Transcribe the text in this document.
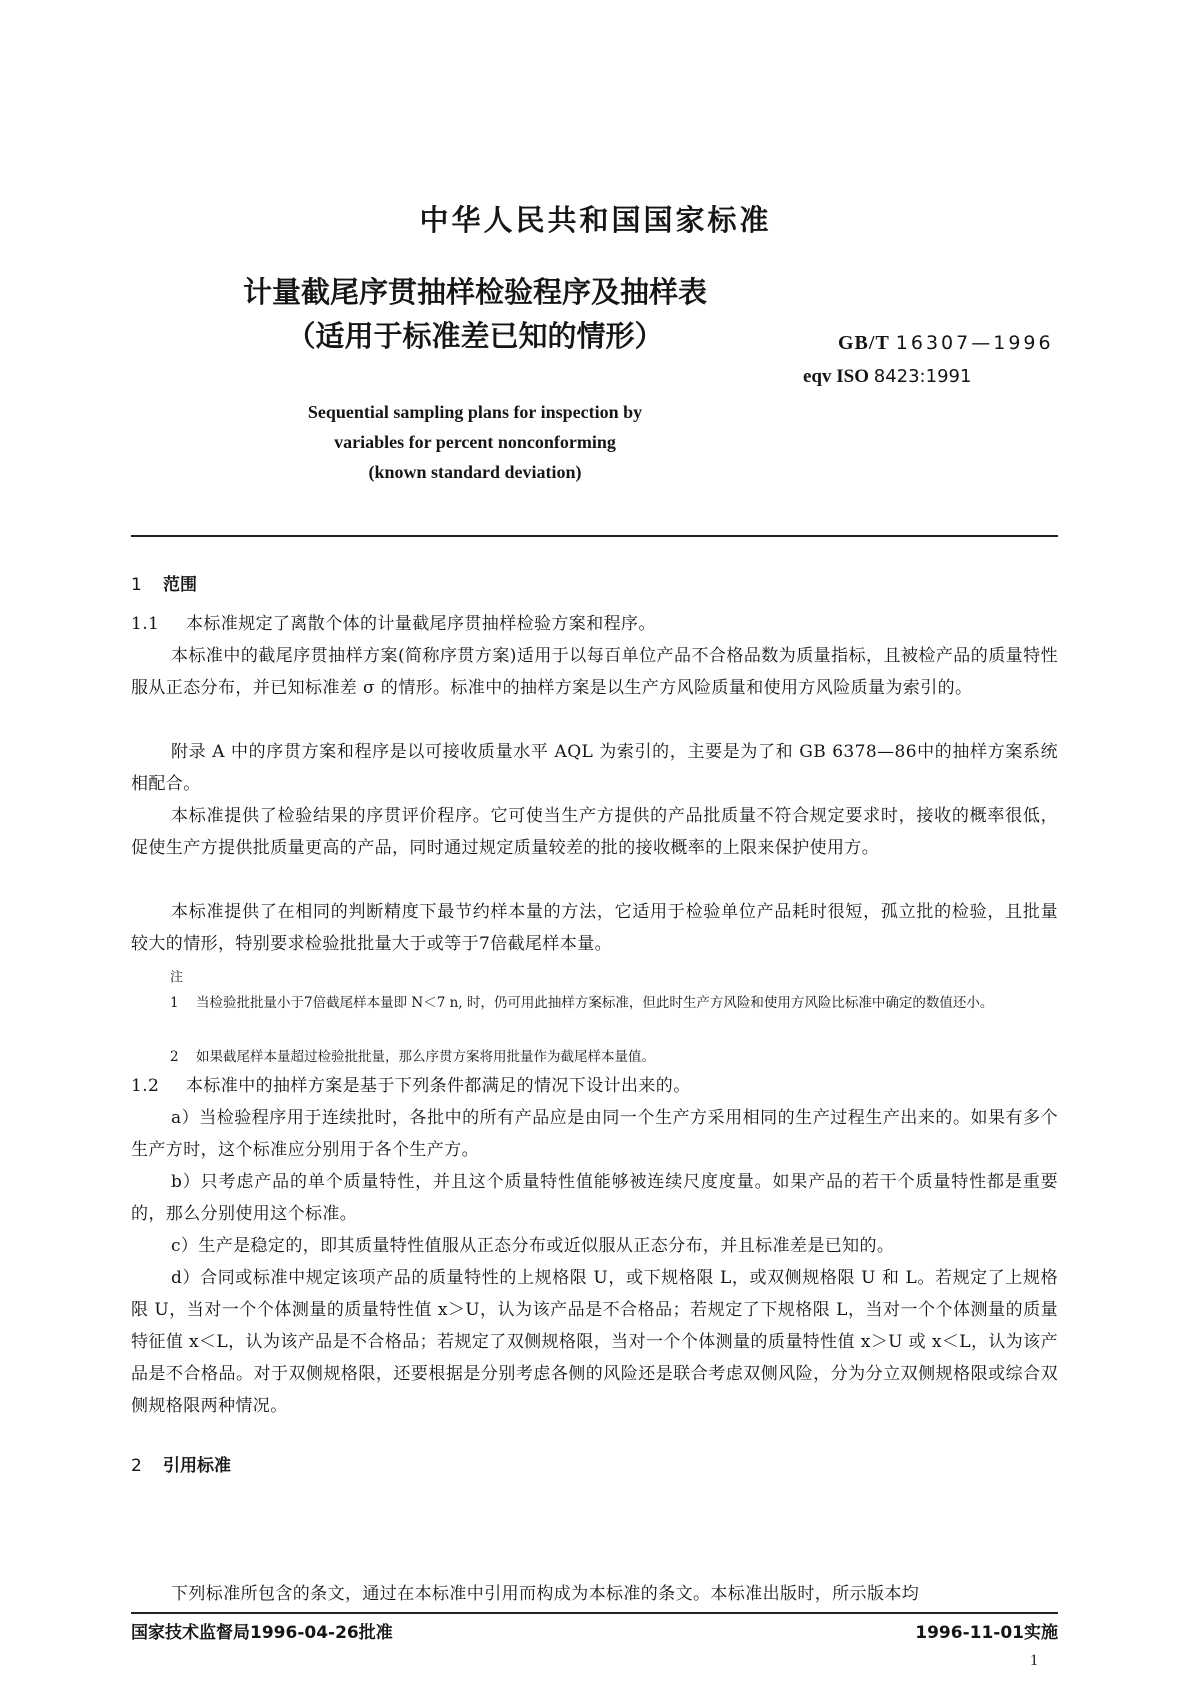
中华人民共和国国家标准
计量截尾序贯抽样检验程序及抽样表
（适用于标准差已知的情形）	GB/T 16307—1996
eqv ISO 8423:1991
Sequential sampling plans for inspection by
variables for percent nonconforming
(known standard deviation)
1 范围
1.1 本标准规定了离散个体的计量截尾序贯抽样检验方案和程序。
本标准中的截尾序贯抽样方案(简称序贯方案)适用于以每百单位产品不合格品数为质量指标，且被检产品的质量特性服从正态分布，并已知标准差 σ 的情形。标准中的抽样方案是以生产方风险质量和使用方风险质量为索引的。
附录 A 中的序贯方案和程序是以可接收质量水平 AQL 为索引的，主要是为了和 GB 6378—86中的抽样方案系统相配合。
本标准提供了检验结果的序贯评价程序。它可使当生产方提供的产品批质量不符合规定要求时，接收的概率很低，促使生产方提供批质量更高的产品，同时通过规定质量较差的批的接收概率的上限来保护使用方。
本标准提供了在相同的判断精度下最节约样本量的方法，它适用于检验单位产品耗时很短，孤立批的检验，且批量较大的情形，特别要求检验批批量大于或等于7倍截尾样本量。
注
1 当检验批批量小于7倍截尾样本量即 N＜7 n, 时，仍可用此抽样方案标准，但此时生产方风险和使用方风险比标准中确定的数值还小。
2 如果截尾样本量超过检验批批量，那么序贯方案将用批量作为截尾样本量值。
1.2 本标准中的抽样方案是基于下列条件都满足的情况下设计出来的。
a）当检验程序用于连续批时，各批中的所有产品应是由同一个生产方采用相同的生产过程生产出来的。如果有多个生产方时，这个标准应分别用于各个生产方。
b）只考虑产品的单个质量特性，并且这个质量特性值能够被连续尺度度量。如果产品的若干个质量特性都是重要的，那么分别使用这个标准。
c）生产是稳定的，即其质量特性值服从正态分布或近似服从正态分布，并且标准差是已知的。
d）合同或标准中规定该项产品的质量特性的上规格限 U，或下规格限 L，或双侧规格限 U 和 L。若规定了上规格限 U，当对一个个体测量的质量特性值 x＞U，认为该产品是不合格品；若规定了下规格限 L，当对一个个体测量的质量特征值 x＜L，认为该产品是不合格品；若规定了双侧规格限，当对一个个体测量的质量特性值 x＞U 或 x＜L，认为该产品是不合格品。对于双侧规格限，还要根据是分别考虑各侧的风险还是联合考虑双侧风险，分为分立双侧规格限或综合双侧规格限两种情况。
2 引用标准
下列标准所包含的条文，通过在本标准中引用而构成为本标准的条文。本标准出版时，所示版本均
国家技术监督局1996-04-26批准	1996-11-01实施
1
